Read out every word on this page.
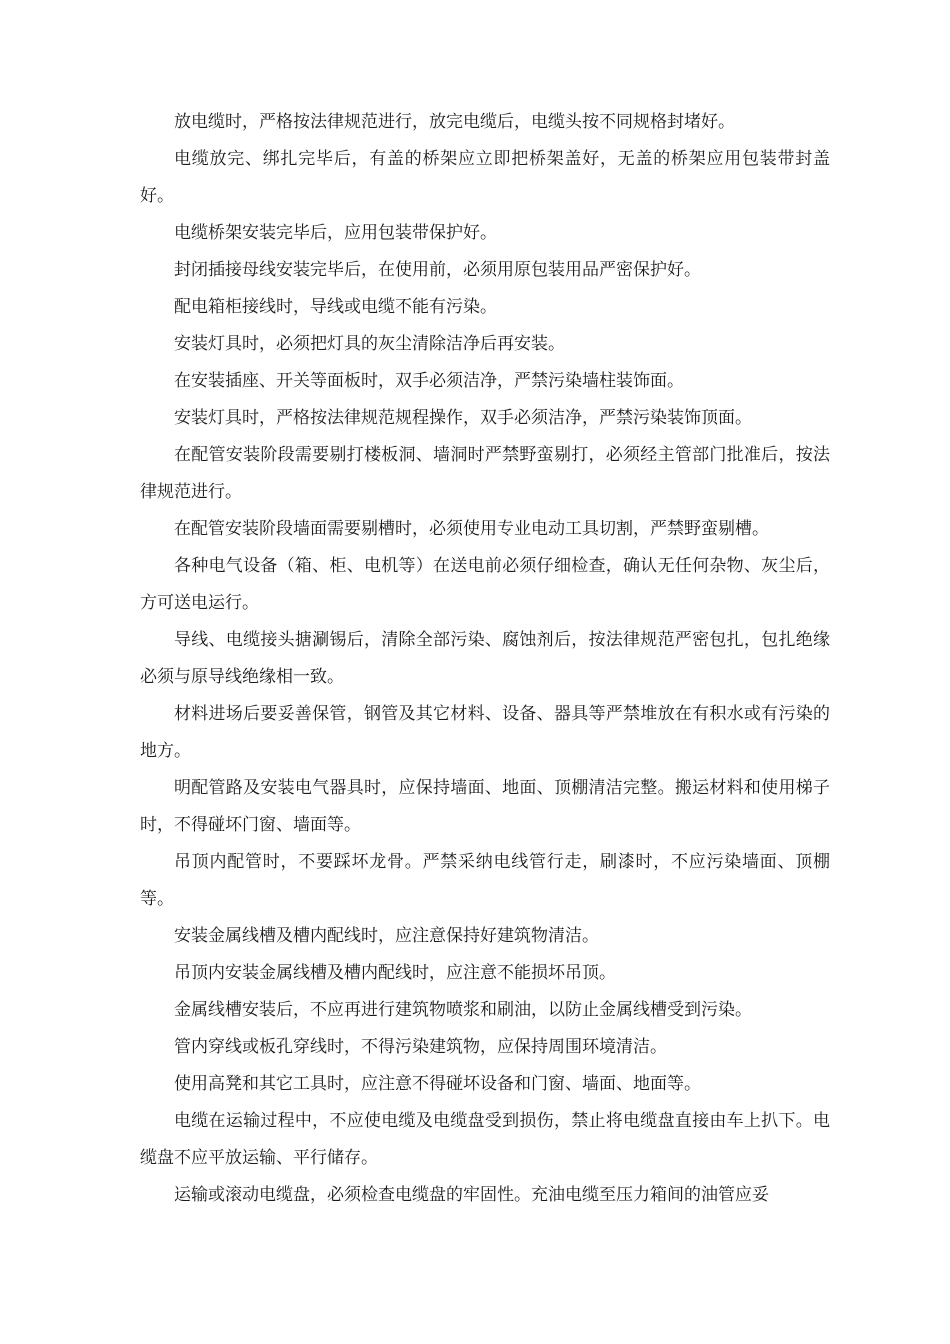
放电缆时，严格按法律规范进行，放完电缆后，电缆头按不同规格封堵好。

电缆放完、绑扎完毕后，有盖的桥架应立即把桥架盖好，无盖的桥架应用包装带封盖好。

电缆桥架安装完毕后，应用包装带保护好。

封闭插接母线安装完毕后，在使用前，必须用原包装用品严密保护好。

配电箱柜接线时，导线或电缆不能有污染。

安装灯具时，必须把灯具的灰尘清除洁净后再安装。

在安装插座、开关等面板时，双手必须洁净，严禁污染墙柱装饰面。

安装灯具时，严格按法律规范规程操作，双手必须洁净，严禁污染装饰顶面。

在配管安装阶段需要剔打楼板洞、墙洞时严禁野蛮剔打，必须经主管部门批准后，按法律规范进行。

在配管安装阶段墙面需要剔槽时，必须使用专业电动工具切割，严禁野蛮剔槽。

各种电气设备（箱、柜、电机等）在送电前必须仔细检查，确认无任何杂物、灰尘后，方可送电运行。

导线、电缆接头搪涮锡后，清除全部污染、腐蚀剂后，按法律规范严密包扎，包扎绝缘必须与原导线绝缘相一致。

材料进场后要妥善保管，钢管及其它材料、设备、器具等严禁堆放在有积水或有污染的地方。

明配管路及安装电气器具时，应保持墙面、地面、顶棚清洁完整。搬运材料和使用梯子时，不得碰坏门窗、墙面等。

吊顶内配管时，不要踩坏龙骨。严禁采纳电线管行走，刷漆时，不应污染墙面、顶棚等。

安装金属线槽及槽内配线时，应注意保持好建筑物清洁。

吊顶内安装金属线槽及槽内配线时，应注意不能损坏吊顶。

金属线槽安装后，不应再进行建筑物喷浆和刷油，以防止金属线槽受到污染。

管内穿线或板孔穿线时，不得污染建筑物，应保持周围环境清洁。

使用高凳和其它工具时，应注意不得碰坏设备和门窗、墙面、地面等。

电缆在运输过程中，不应使电缆及电缆盘受到损伤，禁止将电缆盘直接由车上扒下。电缆盘不应平放运输、平行储存。

运输或滚动电缆盘，必须检查电缆盘的牢固性。充油电缆至压力箱间的油管应妥
